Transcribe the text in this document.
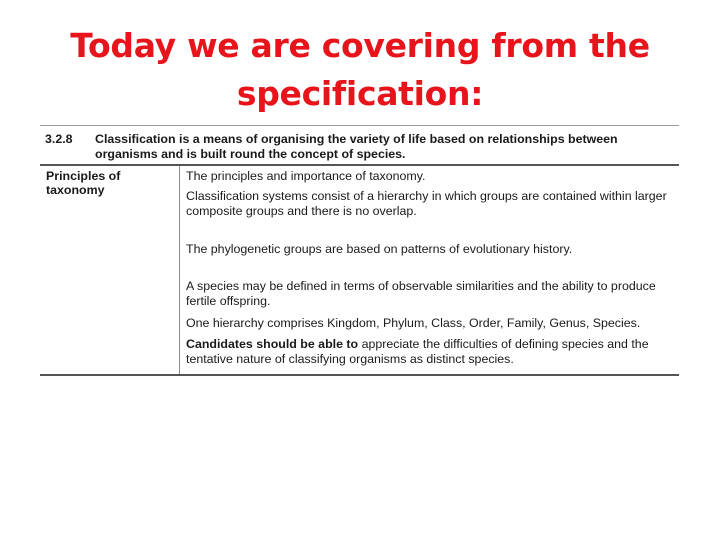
Today we are covering from the
specification:
3.2.8 Classification is a means of organising the variety of life based on relationships between organisms and is built round the concept of species.
Principles of taxonomy
The principles and importance of taxonomy.
Classification systems consist of a hierarchy in which groups are contained within larger composite groups and there is no overlap.
The phylogenetic groups are based on patterns of evolutionary history.
A species may be defined in terms of observable similarities and the ability to produce fertile offspring.
One hierarchy comprises Kingdom, Phylum, Class, Order, Family, Genus, Species.
Candidates should be able to appreciate the difficulties of defining species and the tentative nature of classifying organisms as distinct species.
